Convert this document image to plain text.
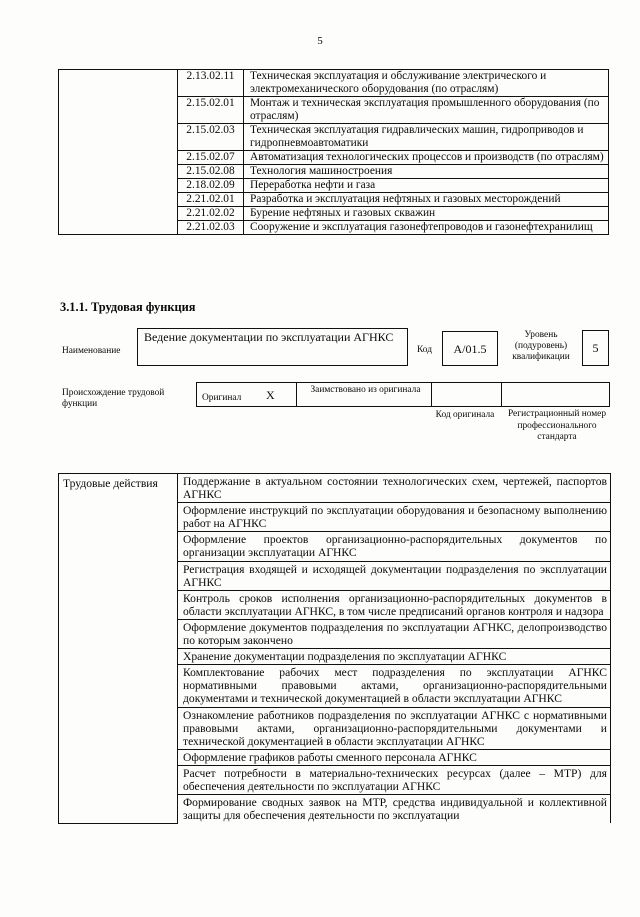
5
	2.13.02.11	Техническая эксплуатация и обслуживание электрического и электромеханического оборудования (по отраслям)
	2.15.02.01	Монтаж и техническая эксплуатация промышленного оборудования (по отраслям)
	2.15.02.03	Техническая эксплуатация гидравлических машин, гидроприводов и гидропневмоавтоматики
	2.15.02.07	Автоматизация технологических процессов и производств (по отраслям)
	2.15.02.08	Технология машиностроения
	2.18.02.09	Переработка нефти и газа
	2.21.02.01	Разработка и эксплуатация нефтяных и газовых месторождений
	2.21.02.02	Бурение нефтяных и газовых скважин
	2.21.02.03	Сооружение и эксплуатация газонефтепроводов и газонефтехранилищ
3.1.1. Трудовая функция
Наименование
Ведение документации по эксплуатации АГНКС
Код	A/01.5
Уровень (подуровень) квалификации
5
Происхождение трудовой функции
Оригинал X	Заимствовано из оригинала
Код оригинала	Регистрационный номер профессионального стандарта
Трудовые действия	Поддержание в актуальном состоянии технологических схем, чертежей, паспортов АГНКС
Оформление инструкций по эксплуатации оборудования и безопасному выполнению работ на АГНКС
Оформление проектов организационно-распорядительных документов по организации эксплуатации АГНКС
Регистрация входящей и исходящей документации подразделения по эксплуатации АГНКС
Контроль сроков исполнения организационно-распорядительных документов в области эксплуатации АГНКС, в том числе предписаний органов контроля и надзора
Оформление документов подразделения по эксплуатации АГНКС, делопроизводство по которым закончено
Хранение документации подразделения по эксплуатации АГНКС
Комплектование рабочих мест подразделения по эксплуатации АГНКС нормативными правовыми актами, организационно-распорядительными документами и технической документацией в области эксплуатации АГНКС
Ознакомление работников подразделения по эксплуатации АГНКС с нормативными правовыми актами, организационно-распорядительными документами и технической документацией в области эксплуатации АГНКС
Оформление графиков работы сменного персонала АГНКС
Расчет потребности в материально-технических ресурсах (далее – МТР) для обеспечения деятельности по эксплуатации АГНКС
Формирование сводных заявок на МТР, средства индивидуальной и коллективной защиты для обеспечения деятельности по эксплуатации
